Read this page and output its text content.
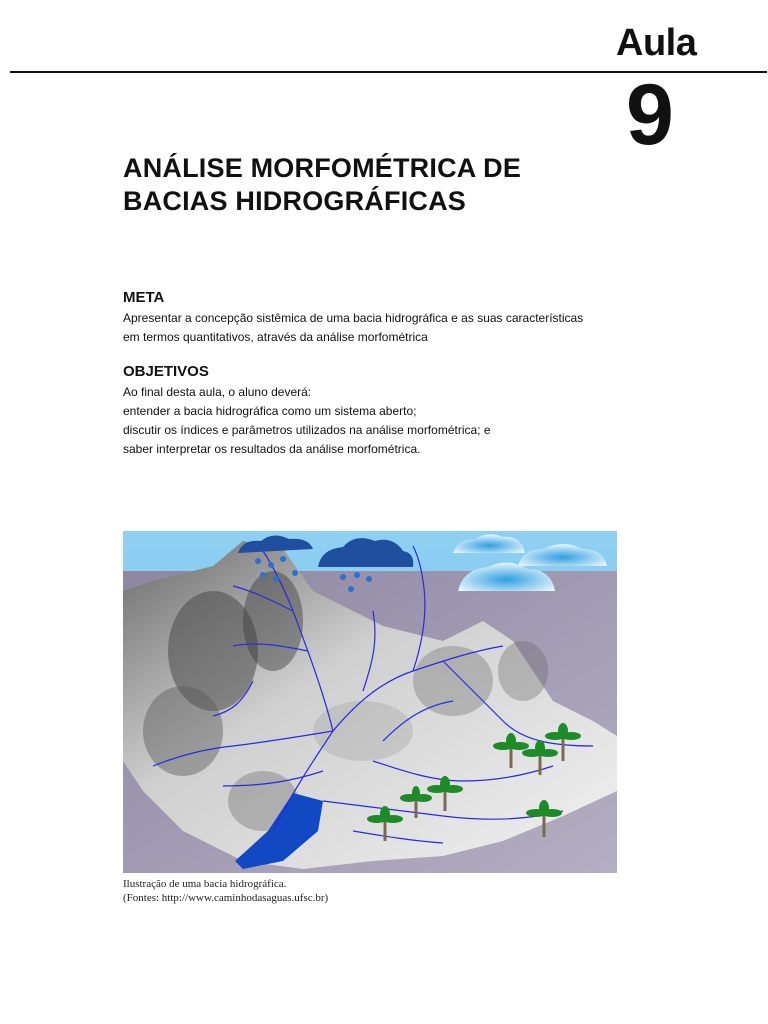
Aula
9
ANÁLISE MORFOMÉTRICA DE
BACIAS HIDROGRÁFICAS
META
Apresentar a concepção sistêmica de uma bacia hidrográfica e as suas características
em termos quantitativos, através da análise morfométrica
OBJETIVOS
Ao final desta aula, o aluno deverá:
entender a bacia hidrográfica como um sistema aberto;
discutir os índices e parâmetros utilizados na análise morfométrica; e
saber interpretar os resultados da análise morfométrica.
Ilustração de uma bacia hidrográfica.
(Fontes: http://www.caminhodasaguas.ufsc.br)
